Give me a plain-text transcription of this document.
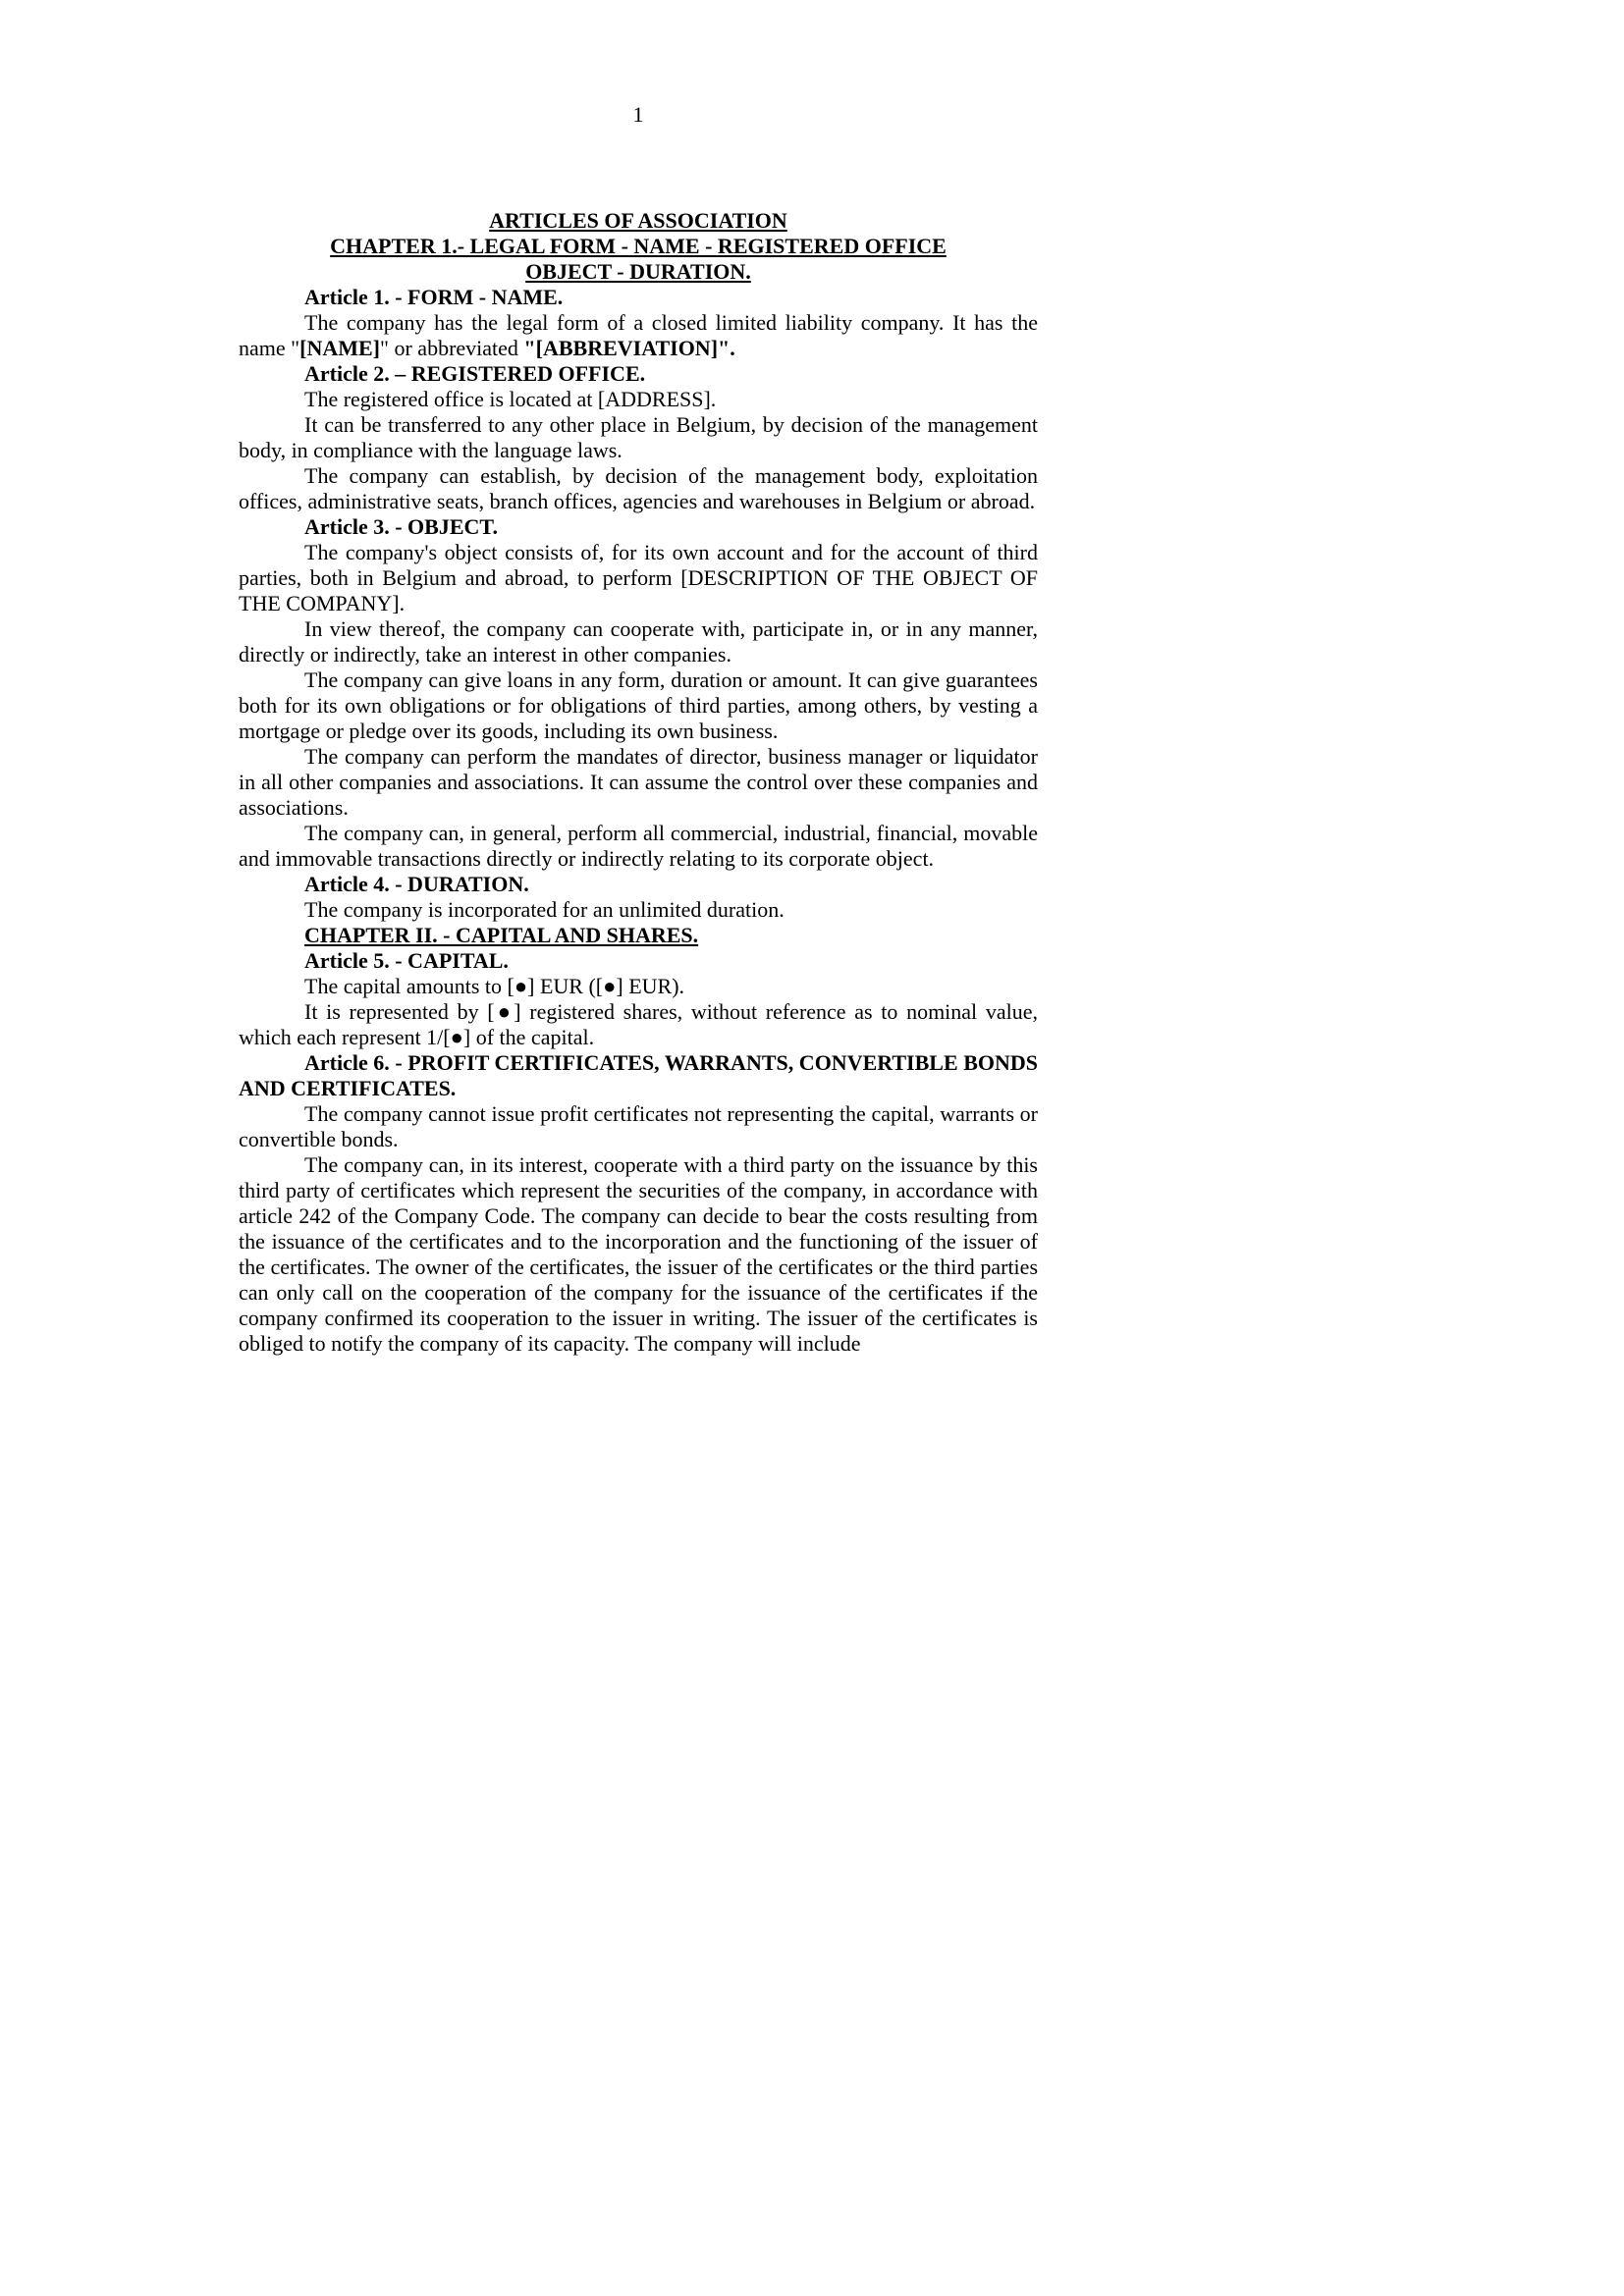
1
ARTICLES OF ASSOCIATION
CHAPTER 1.- LEGAL FORM - NAME - REGISTERED OFFICE
OBJECT - DURATION.
Article 1. - FORM - NAME.

The company has the legal form of a closed limited liability company. It has the name "[NAME]" or abbreviated "[ABBREVIATION]".

Article 2. – REGISTERED OFFICE.

The registered office is located at [ADDRESS].

It can be transferred to any other place in Belgium, by decision of the management body, in compliance with the language laws.

The company can establish, by decision of the management body, exploitation offices, administrative seats, branch offices, agencies and warehouses in Belgium or abroad.

Article 3. - OBJECT.

The company's object consists of, for its own account and for the account of third parties, both in Belgium and abroad, to perform [DESCRIPTION OF THE OBJECT OF THE COMPANY].

In view thereof, the company can cooperate with, participate in, or in any manner, directly or indirectly, take an interest in other companies.

The company can give loans in any form, duration or amount. It can give guarantees both for its own obligations or for obligations of third parties, among others, by vesting a mortgage or pledge over its goods, including its own business.

The company can perform the mandates of director, business manager or liquidator in all other companies and associations. It can assume the control over these companies and associations.

The company can, in general, perform all commercial, industrial, financial, movable and immovable transactions directly or indirectly relating to its corporate object.

Article 4. - DURATION.

The company is incorporated for an unlimited duration.

CHAPTER II. - CAPITAL AND SHARES.
Article 5. - CAPITAL.

The capital amounts to [●] EUR ([●] EUR).

It is represented by [●] registered shares, without reference as to nominal value, which each represent 1/[●] of the capital.

Article 6. - PROFIT CERTIFICATES, WARRANTS, CONVERTIBLE BONDS AND CERTIFICATES.

The company cannot issue profit certificates not representing the capital, warrants or convertible bonds.

The company can, in its interest, cooperate with a third party on the issuance by this third party of certificates which represent the securities of the company, in accordance with article 242 of the Company Code. The company can decide to bear the costs resulting from the issuance of the certificates and to the incorporation and the functioning of the issuer of the certificates. The owner of the certificates, the issuer of the certificates or the third parties can only call on the cooperation of the company for the issuance of the certificates if the company confirmed its cooperation to the issuer in writing. The issuer of the certificates is obliged to notify the company of its capacity. The company will include
